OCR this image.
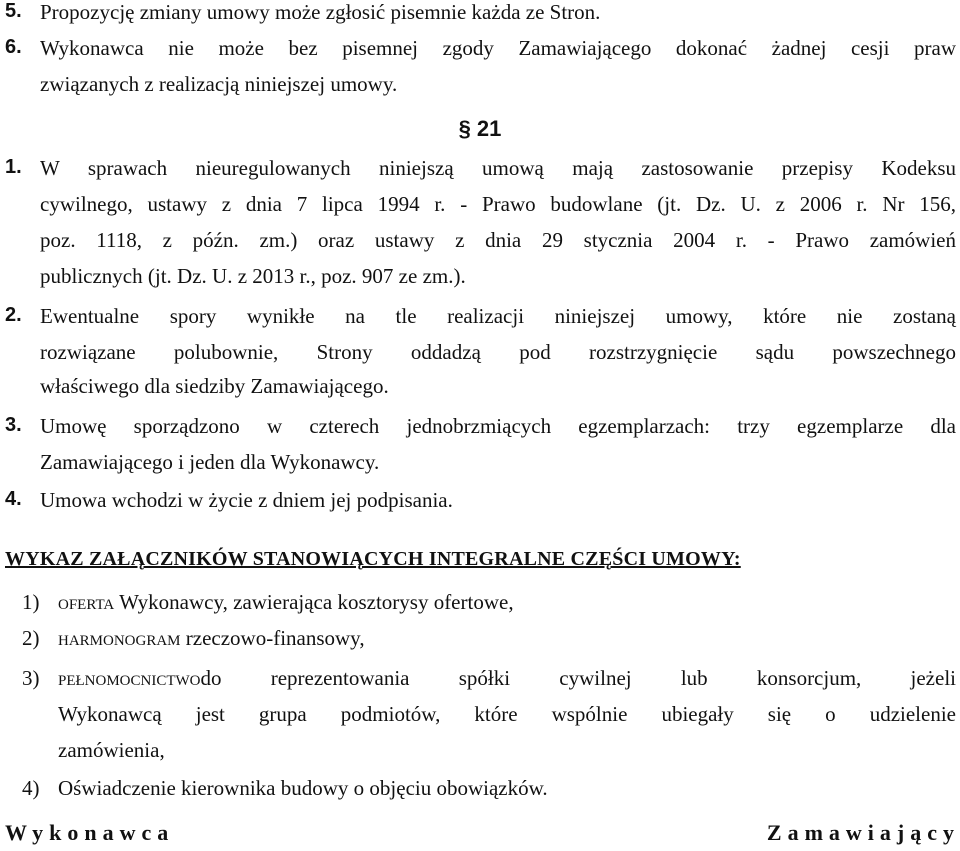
5. Propozycję zmiany umowy może zgłosić pisemnie każda ze Stron.
6. Wykonawca nie może bez pisemnej zgody Zamawiającego dokonać żadnej cesji praw
związanych z realizacją niniejszej umowy.
§ 21
1. W sprawach nieuregulowanych niniejszą umową mają zastosowanie przepisy Kodeksu
cywilnego, ustawy z dnia 7 lipca 1994 r. - Prawo budowlane (jt. Dz. U. z 2006 r. Nr 156,
poz. 1118, z późn. zm.) oraz ustawy z dnia 29 stycznia 2004 r. - Prawo zamówień
publicznych (jt. Dz. U. z 2013 r., poz. 907 ze zm.).
2. Ewentualne spory wynikłe na tle realizacji niniejszej umowy, które nie zostaną
rozwiązane polubownie, Strony oddadzą pod rozstrzygnięcie sądu powszechnego
właściwego dla siedziby Zamawiającego.
3. Umowę sporządzono w czterech jednobrzmiących egzemplarzach: trzy egzemplarze dla
Zamawiającego i jeden dla Wykonawcy.
4. Umowa wchodzi w życie z dniem jej podpisania.
WYKAZ ZAŁĄCZNIKÓW STANOWIĄCYCH INTEGRALNE CZĘŚCI UMOWY:
1) OFERTA Wykonawcy, zawierająca kosztorysy ofertowe,
2) HARMONOGRAM rzeczowo-finansowy,
3) PEŁNOMOCNICTWO do reprezentowania spółki cywilnej lub konsorcjum, jeżeli
Wykonawcą jest grupa podmiotów, które wspólnie ubiegały się o udzielenie
zamówienia,
4) Oświadczenie kierownika budowy o objęciu obowiązków.
Wykonawca	Zamawiający
